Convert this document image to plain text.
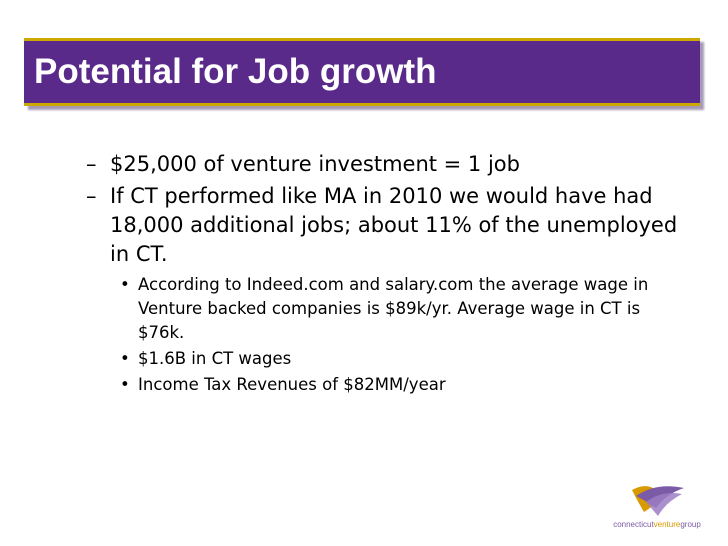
Potential for Job growth
– $25,000 of venture investment = 1 job
– If CT performed like MA in 2010 we would have had 18,000 additional jobs; about 11% of the unemployed in CT.
• According to Indeed.com and salary.com the average wage in Venture backed companies is $89k/yr. Average wage in CT is $76k.
• $1.6B in CT wages
• Income Tax Revenues of $82MM/year
connecticutventuregroup
